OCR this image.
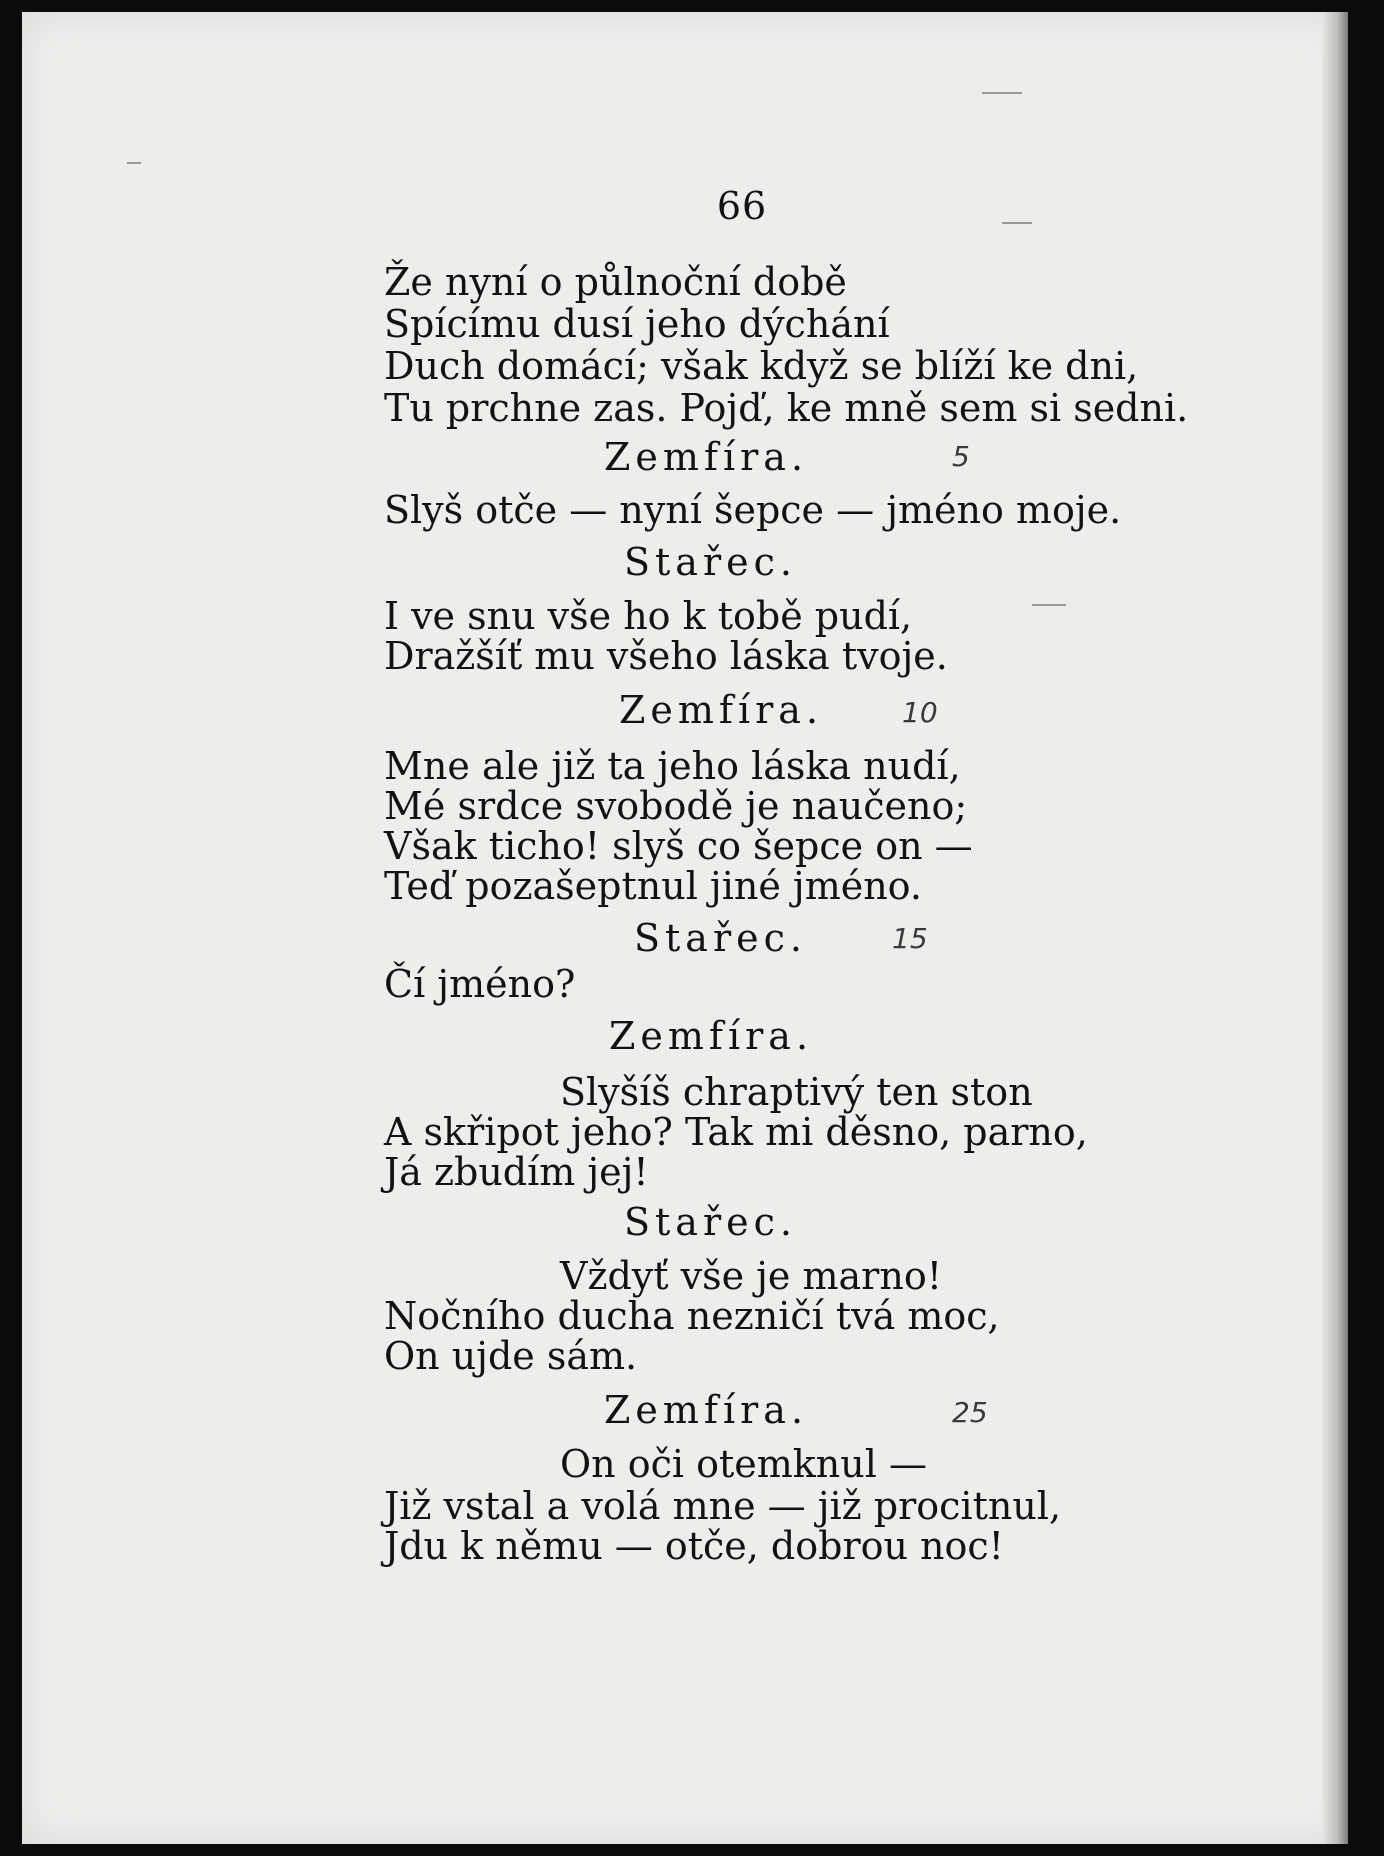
66
Že nyní o půlnoční době
Spícímu dusí jeho dýchání
Duch domácí; však když se blíží ke dni,
Tu prchne zas. Pojď, ke mně sem si sedni.
Zemfíra.	5
Slyš otče — nyní šepce — jméno moje.
Stařec.
I ve snu vše ho k tobě pudí,
Dražšíť mu všeho láska tvoje.
Zemfíra.	10
Mne ale již ta jeho láska nudí,
Mé srdce svobodě je naučeno;
Však ticho! slyš co šepce on —
Teď pozašeptnul jiné jméno.
Stařec.	15
Čí jméno?
Zemfíra.
Slyšíš chraptivý ten ston
A skřipot jeho? Tak mi děsno, parno,
Já zbudím jej!
Stařec.
Vždyť vše je marno!
Nočního ducha nezničí tvá moc,
On ujde sám.
Zemfíra.	25
On oči otemknul —
Již vstal a volá mne — již procitnul,
Jdu k němu — otče, dobrou noc!
